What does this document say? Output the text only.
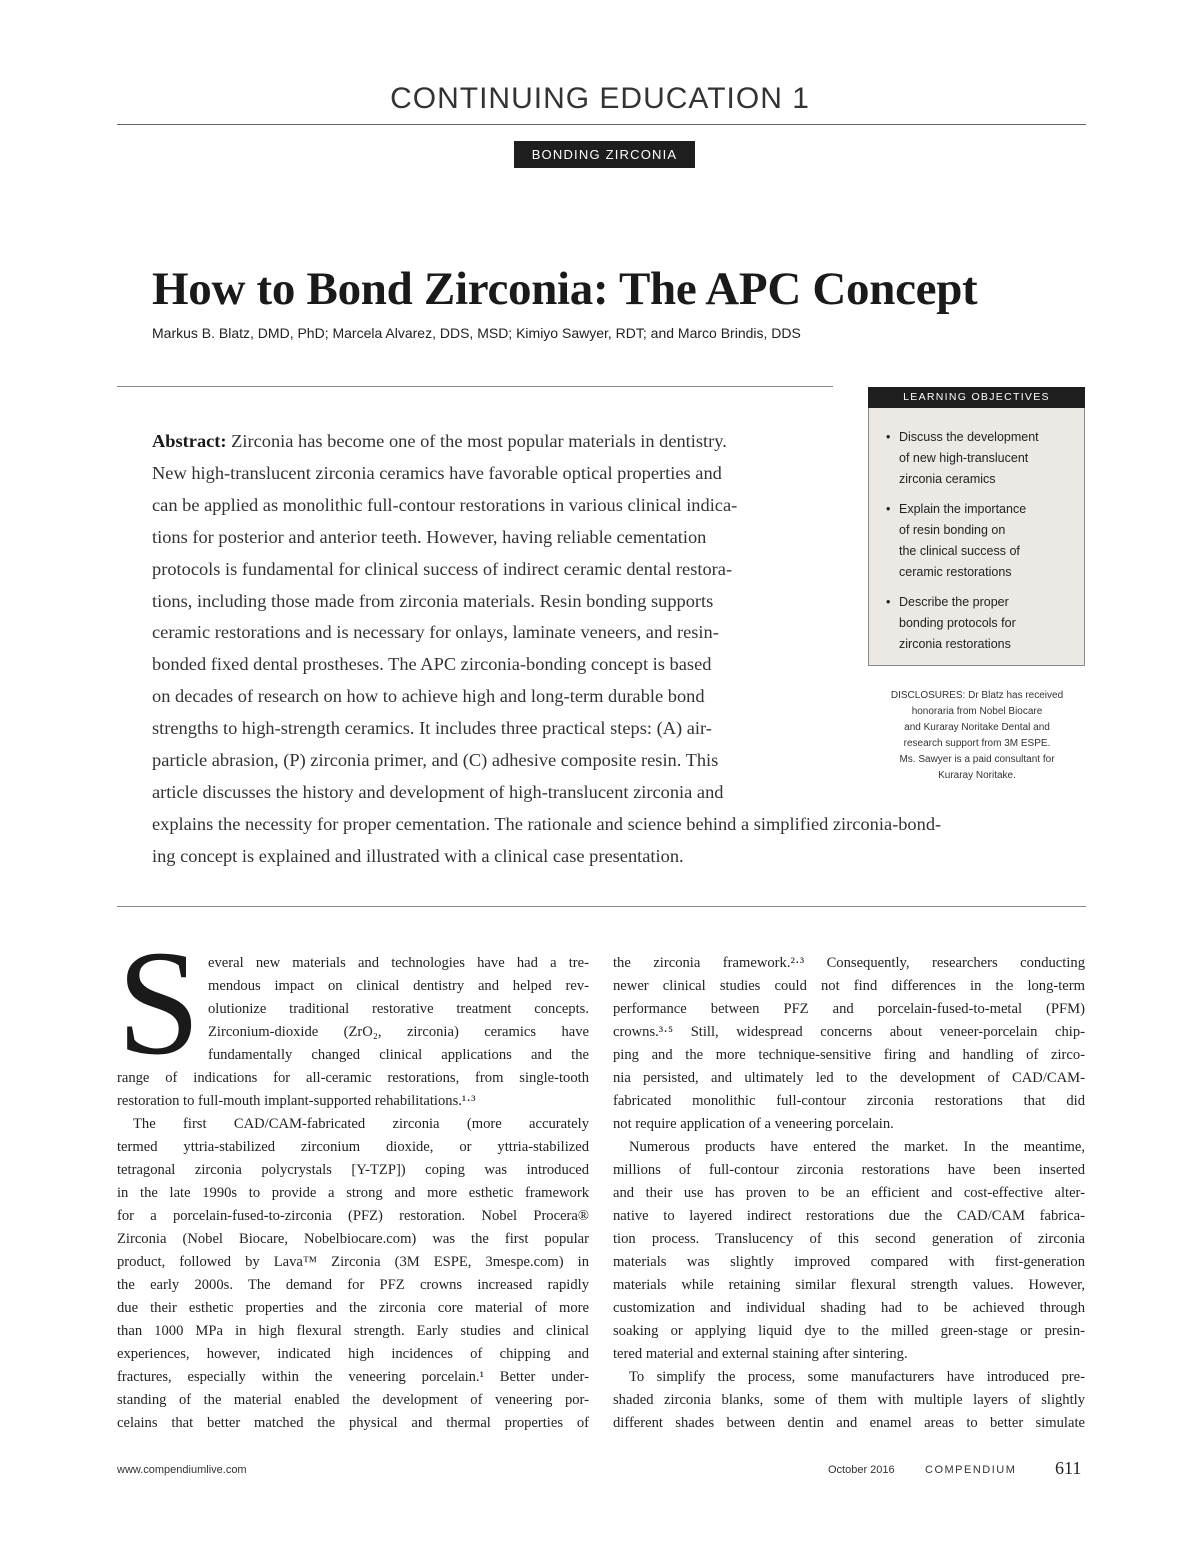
CONTINUING EDUCATION 1
BONDING ZIRCONIA
How to Bond Zirconia: The APC Concept
Markus B. Blatz, DMD, PhD; Marcela Alvarez, DDS, MSD; Kimiyo Sawyer, RDT; and Marco Brindis, DDS
Abstract: Zirconia has become one of the most popular materials in dentistry.
New high-translucent zirconia ceramics have favorable optical properties and
can be applied as monolithic full-contour restorations in various clinical indica-
tions for posterior and anterior teeth. However, having reliable cementation
protocols is fundamental for clinical success of indirect ceramic dental restora-
tions, including those made from zirconia materials. Resin bonding supports
ceramic restorations and is necessary for onlays, laminate veneers, and resin-
bonded fixed dental prostheses. The APC zirconia-bonding concept is based
on decades of research on how to achieve high and long-term durable bond
strengths to high-strength ceramics. It includes three practical steps: (A) air-
particle abrasion, (P) zirconia primer, and (C) adhesive composite resin. This
article discusses the history and development of high-translucent zirconia and
explains the necessity for proper cementation. The rationale and science behind a simplified zirconia-bond-
ing concept is explained and illustrated with a clinical case presentation.
LEARNING OBJECTIVES
• Discuss the development
of new high-translucent
zirconia ceramics
• Explain the importance
of resin bonding on
the clinical success of
ceramic restorations
• Describe the proper
bonding protocols for
zirconia restorations
DISCLOSURES: Dr Blatz has received
honoraria from Nobel Biocare
and Kuraray Noritake Dental and
research support from 3M ESPE.
Ms. Sawyer is a paid consultant for
Kuraray Noritake.
S everal new materials and technologies have had a tre-
mendous impact on clinical dentistry and helped rev-
olutionize traditional restorative treatment concepts.
Zirconium-dioxide (ZrO₂, zirconia) ceramics have
fundamentally changed clinical applications and the
range of indications for all-ceramic restorations, from single-tooth
restoration to full-mouth implant-supported rehabilitations.¹·³
The first CAD/CAM-fabricated zirconia (more accurately
termed yttria-stabilized zirconium dioxide, or yttria-stabilized
tetragonal zirconia polycrystals [Y-TZP]) coping was introduced
in the late 1990s to provide a strong and more esthetic framework
for a porcelain-fused-to-zirconia (PFZ) restoration. Nobel Procera®
Zirconia (Nobel Biocare, Nobelbiocare.com) was the first popular
product, followed by Lava™ Zirconia (3M ESPE, 3mespe.com) in
the early 2000s. The demand for PFZ crowns increased rapidly
due their esthetic properties and the zirconia core material of more
than 1000 MPa in high flexural strength. Early studies and clinical
experiences, however, indicated high incidences of chipping and
fractures, especially within the veneering porcelain.¹ Better under-
standing of the material enabled the development of veneering por-
celains that better matched the physical and thermal properties of
the zirconia framework.²·³ Consequently, researchers conducting
newer clinical studies could not find differences in the long-term
performance between PFZ and porcelain-fused-to-metal (PFM)
crowns.³·⁵ Still, widespread concerns about veneer-porcelain chip-
ping and the more technique-sensitive firing and handling of zirco-
nia persisted, and ultimately led to the development of CAD/CAM-
fabricated monolithic full-contour zirconia restorations that did
not require application of a veneering porcelain.
Numerous products have entered the market. In the meantime,
millions of full-contour zirconia restorations have been inserted
and their use has proven to be an efficient and cost-effective alter-
native to layered indirect restorations due the CAD/CAM fabrica-
tion process. Translucency of this second generation of zirconia
materials was slightly improved compared with first-generation
materials while retaining similar flexural strength values. However,
customization and individual shading had to be achieved through
soaking or applying liquid dye to the milled green-stage or presin-
tered material and external staining after sintering.
To simplify the process, some manufacturers have introduced pre-
shaded zirconia blanks, some of them with multiple layers of slightly
different shades between dentin and enamel areas to better simulate
www.compendiumlive.com	October 2016	COMPENDIUM 611
